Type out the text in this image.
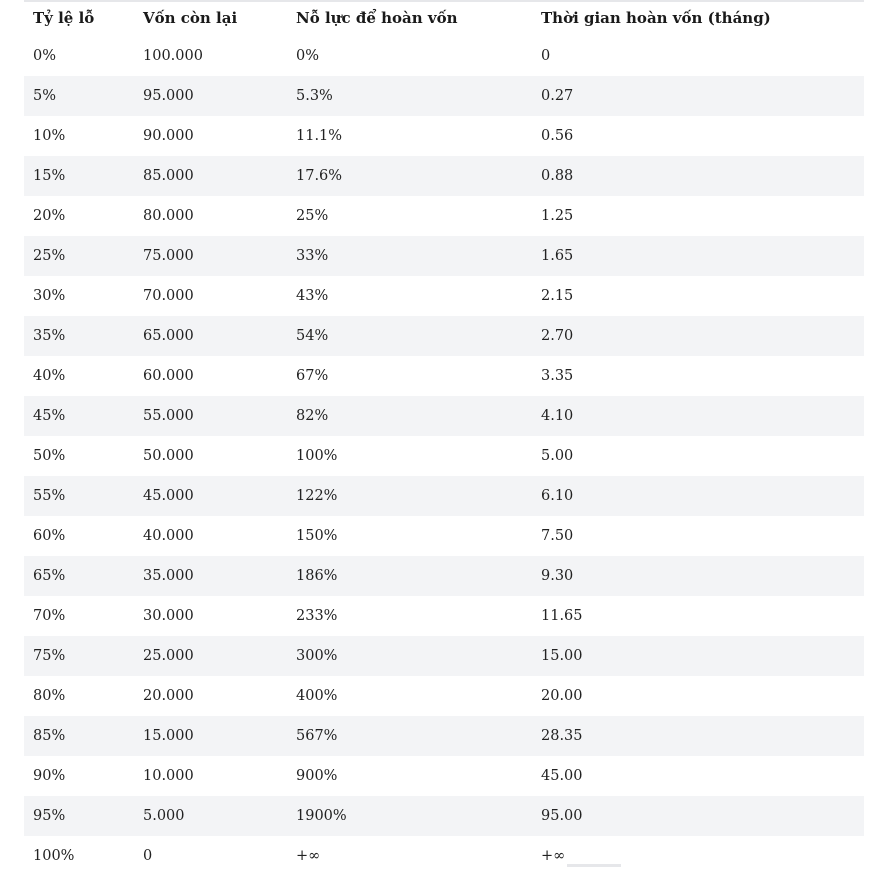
Tỷ lệ lỗ	Vốn còn lại	Nỗ lực để hoàn vốn	Thời gian hoàn vốn (tháng)
0%	100.000	0%	0
5%	95.000	5.3%	0.27
10%	90.000	11.1%	0.56
15%	85.000	17.6%	0.88
20%	80.000	25%	1.25
25%	75.000	33%	1.65
30%	70.000	43%	2.15
35%	65.000	54%	2.70
40%	60.000	67%	3.35
45%	55.000	82%	4.10
50%	50.000	100%	5.00
55%	45.000	122%	6.10
60%	40.000	150%	7.50
65%	35.000	186%	9.30
70%	30.000	233%	11.65
75%	25.000	300%	15.00
80%	20.000	400%	20.00
85%	15.000	567%	28.35
90%	10.000	900%	45.00
95%	5.000	1900%	95.00
100%	0	+∞	+∞
